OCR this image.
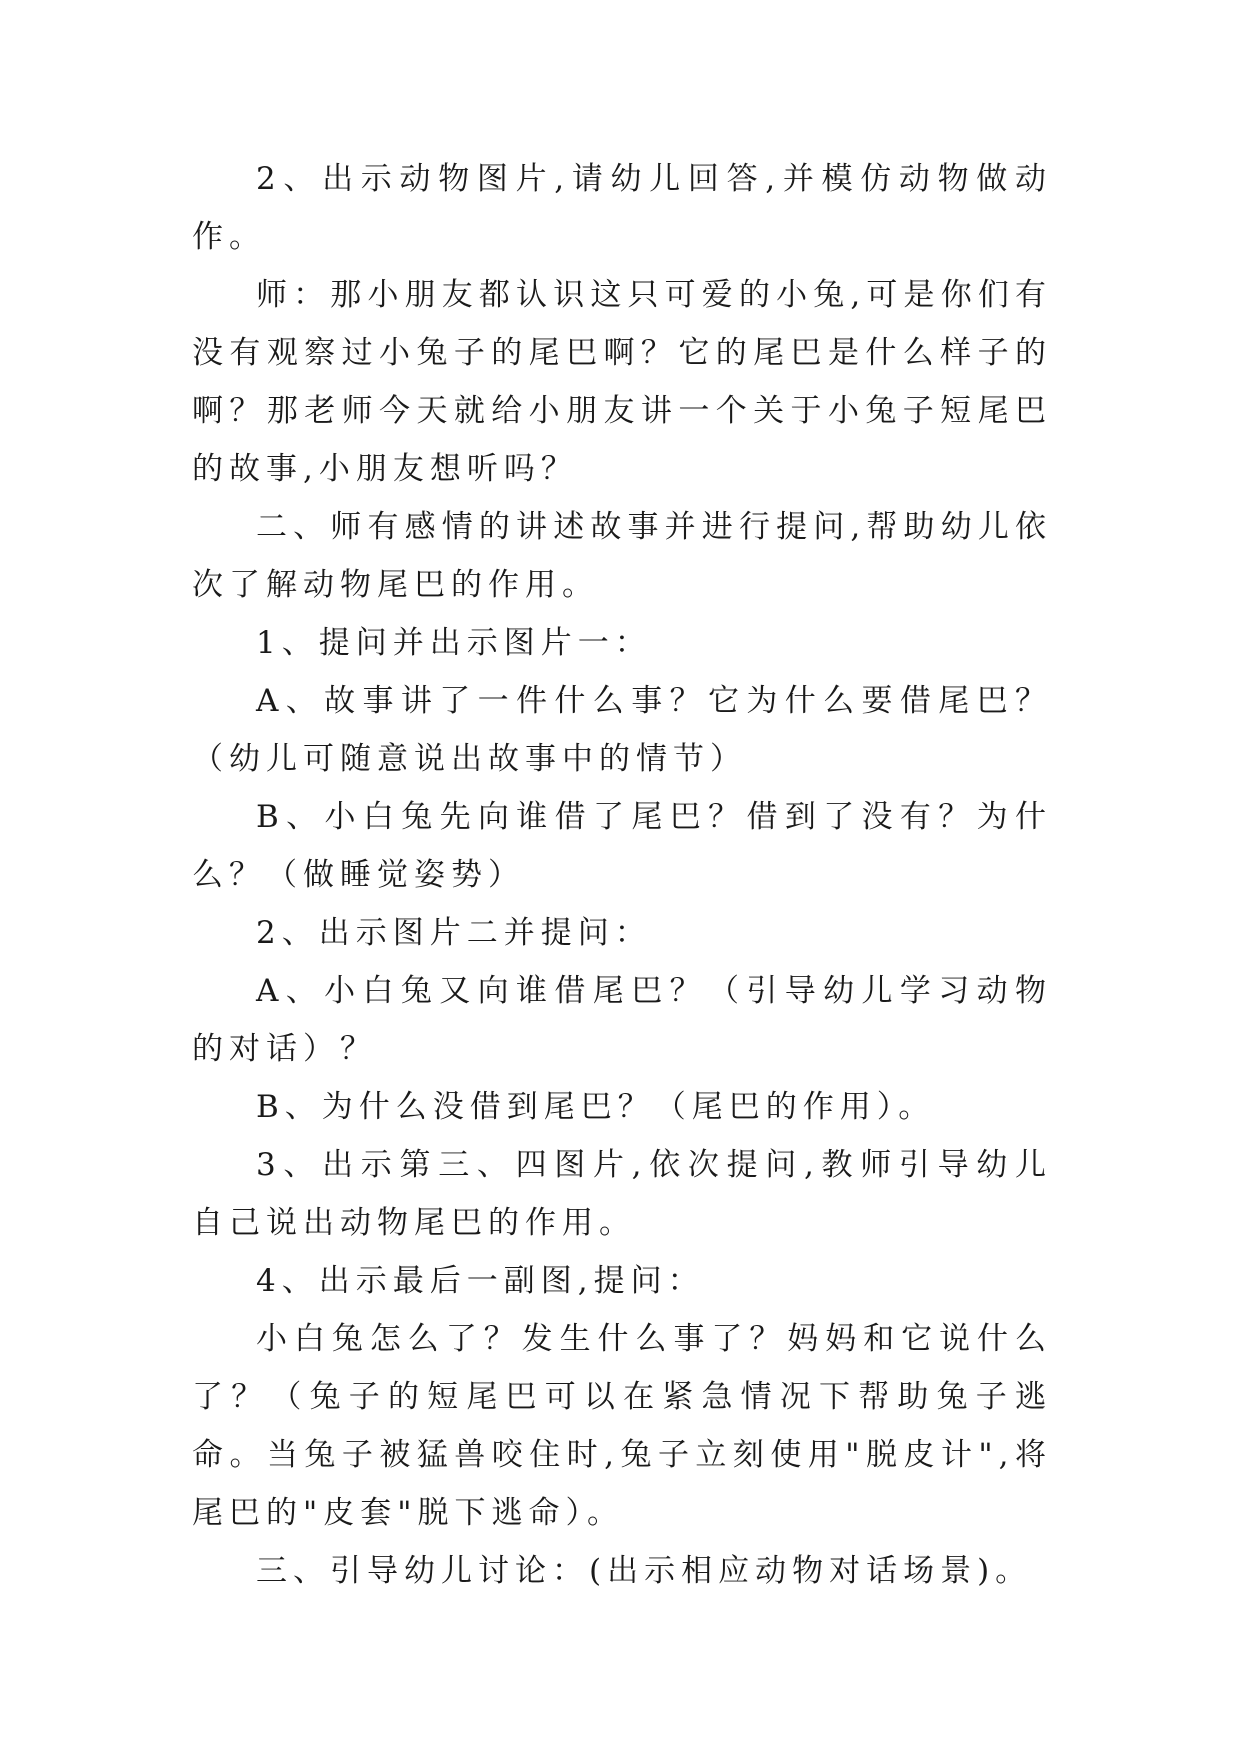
2、出示动物图片,请幼儿回答,并模仿动物做动作。

师：那小朋友都认识这只可爱的小兔,可是你们有没有观察过小兔子的尾巴啊？它的尾巴是什么样子的啊？那老师今天就给小朋友讲一个关于小兔子短尾巴的故事,小朋友想听吗？

二、师有感情的讲述故事并进行提问,帮助幼儿依次了解动物尾巴的作用。

1、提问并出示图片一：

A、故事讲了一件什么事？它为什么要借尾巴？（幼儿可随意说出故事中的情节）

B、小白兔先向谁借了尾巴？借到了没有？为什么？（做睡觉姿势）

2、出示图片二并提问：

A、小白兔又向谁借尾巴？（引导幼儿学习动物的对话）？

B、为什么没借到尾巴？（尾巴的作用）。

3、出示第三、四图片,依次提问,教师引导幼儿自己说出动物尾巴的作用。

4、出示最后一副图,提问：

小白兔怎么了？发生什么事了？妈妈和它说什么了？（兔子的短尾巴可以在紧急情况下帮助兔子逃命。当兔子被猛兽咬住时,兔子立刻使用"脱皮计",将尾巴的"皮套"脱下逃命）。

三、引导幼儿讨论：(出示相应动物对话场景)。
